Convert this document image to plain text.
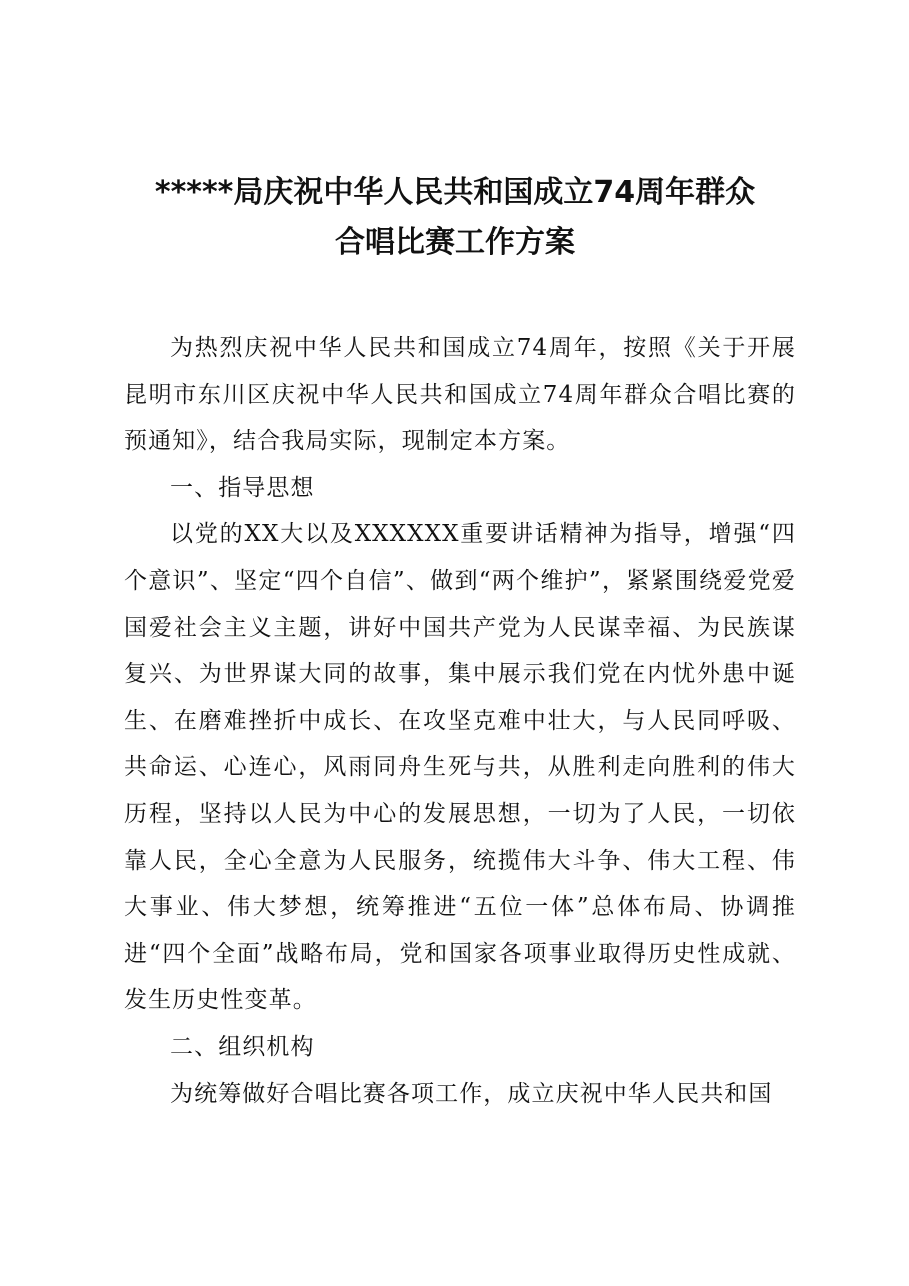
*****局庆祝中华人民共和国成立74周年群众
合唱比赛工作方案

为热烈庆祝中华人民共和国成立74周年，按照《关于开展昆明市东川区庆祝中华人民共和国成立74周年群众合唱比赛的预通知》，结合我局实际，现制定本方案。

一、指导思想

以党的XX大以及XXXXXX重要讲话精神为指导，增强“四个意识”、坚定“四个自信”、做到“两个维护”，紧紧围绕爱党爱国爱社会主义主题，讲好中国共产党为人民谋幸福、为民族谋复兴、为世界谋大同的故事，集中展示我们党在内忧外患中诞生、在磨难挫折中成长、在攻坚克难中壮大，与人民同呼吸、共命运、心连心，风雨同舟生死与共，从胜利走向胜利的伟大历程，坚持以人民为中心的发展思想，一切为了人民，一切依靠人民，全心全意为人民服务，统揽伟大斗争、伟大工程、伟大事业、伟大梦想，统筹推进“五位一体”总体布局、协调推进“四个全面”战略布局，党和国家各项事业取得历史性成就、发生历史性变革。

二、组织机构

为统筹做好合唱比赛各项工作，成立庆祝中华人民共和国
